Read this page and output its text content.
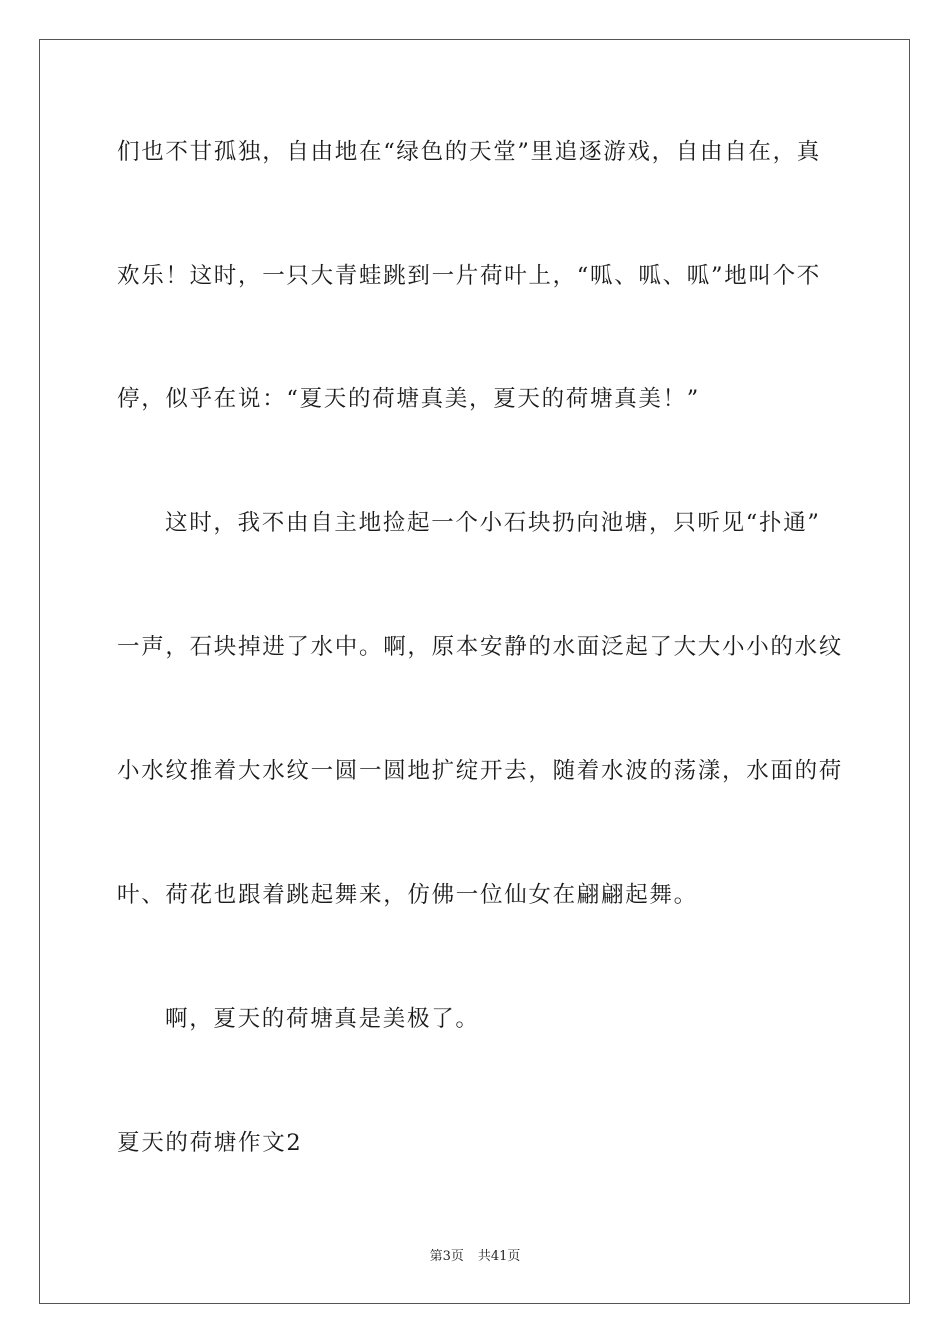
们也不甘孤独，自由地在“绿色的天堂”里追逐游戏，自由自在，真
欢乐！这时，一只大青蛙跳到一片荷叶上，“呱、呱、呱”地叫个不
停，似乎在说：“夏天的荷塘真美，夏天的荷塘真美！”
这时，我不由自主地捡起一个小石块扔向池塘，只听见“扑通”
一声，石块掉进了水中。啊，原本安静的水面泛起了大大小小的水纹
小水纹推着大水纹一圆一圆地扩绽开去，随着水波的荡漾，水面的荷
叶、荷花也跟着跳起舞来，仿佛一位仙女在翩翩起舞。
啊，夏天的荷塘真是美极了。
夏天的荷塘作文2
第3页 共41页
